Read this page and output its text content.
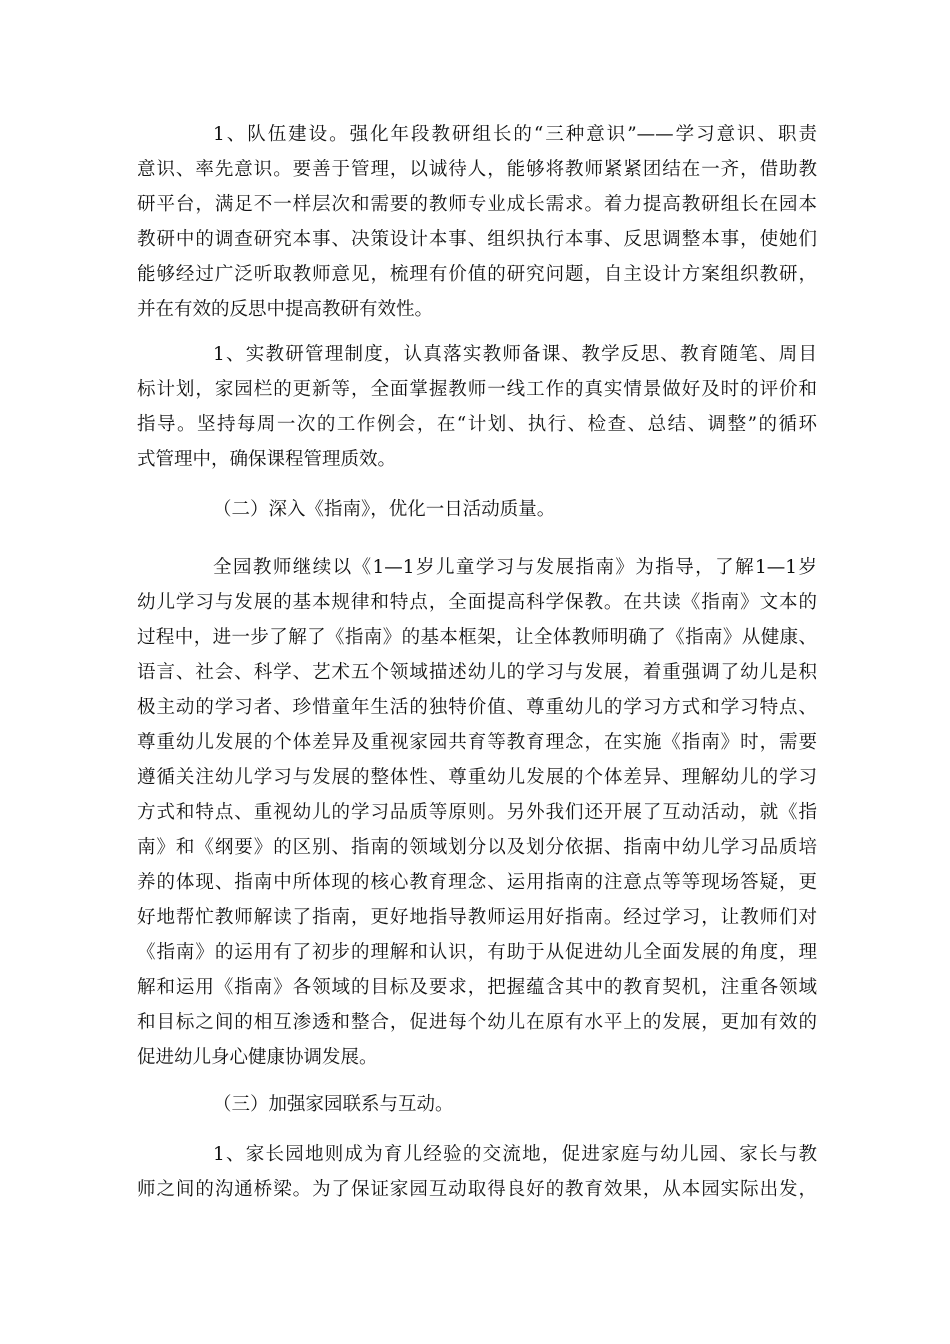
1、队伍建设。强化年段教研组长的“三种意识”——学习意识、职责
意识、率先意识。要善于管理，以诚待人，能够将教师紧紧团结在一齐，借助教
研平台，满足不一样层次和需要的教师专业成长需求。着力提高教研组长在园本
教研中的调查研究本事、决策设计本事、组织执行本事、反思调整本事，使她们
能够经过广泛听取教师意见，梳理有价值的研究问题，自主设计方案组织教研，
并在有效的反思中提高教研有效性。
1、实教研管理制度，认真落实教师备课、教学反思、教育随笔、周目
标计划，家园栏的更新等，全面掌握教师一线工作的真实情景做好及时的评价和
指导。坚持每周一次的工作例会，在“计划、执行、检查、总结、调整”的循环
式管理中，确保课程管理质效。
（二）深入《指南》，优化一日活动质量。
全园教师继续以《1—1岁儿童学习与发展指南》为指导，了解1—1岁
幼儿学习与发展的基本规律和特点，全面提高科学保教。在共读《指南》文本的
过程中，进一步了解了《指南》的基本框架，让全体教师明确了《指南》从健康、
语言、社会、科学、艺术五个领域描述幼儿的学习与发展，着重强调了幼儿是积
极主动的学习者、珍惜童年生活的独特价值、尊重幼儿的学习方式和学习特点、
尊重幼儿发展的个体差异及重视家园共育等教育理念，在实施《指南》时，需要
遵循关注幼儿学习与发展的整体性、尊重幼儿发展的个体差异、理解幼儿的学习
方式和特点、重视幼儿的学习品质等原则。另外我们还开展了互动活动，就《指
南》和《纲要》的区别、指南的领域划分以及划分依据、指南中幼儿学习品质培
养的体现、指南中所体现的核心教育理念、运用指南的注意点等等现场答疑，更
好地帮忙教师解读了指南，更好地指导教师运用好指南。经过学习，让教师们对
《指南》的运用有了初步的理解和认识，有助于从促进幼儿全面发展的角度，理
解和运用《指南》各领域的目标及要求，把握蕴含其中的教育契机，注重各领域
和目标之间的相互渗透和整合，促进每个幼儿在原有水平上的发展，更加有效的
促进幼儿身心健康协调发展。
（三）加强家园联系与互动。
1、家长园地则成为育儿经验的交流地，促进家庭与幼儿园、家长与教
师之间的沟通桥梁。为了保证家园互动取得良好的教育效果，从本园实际出发，
